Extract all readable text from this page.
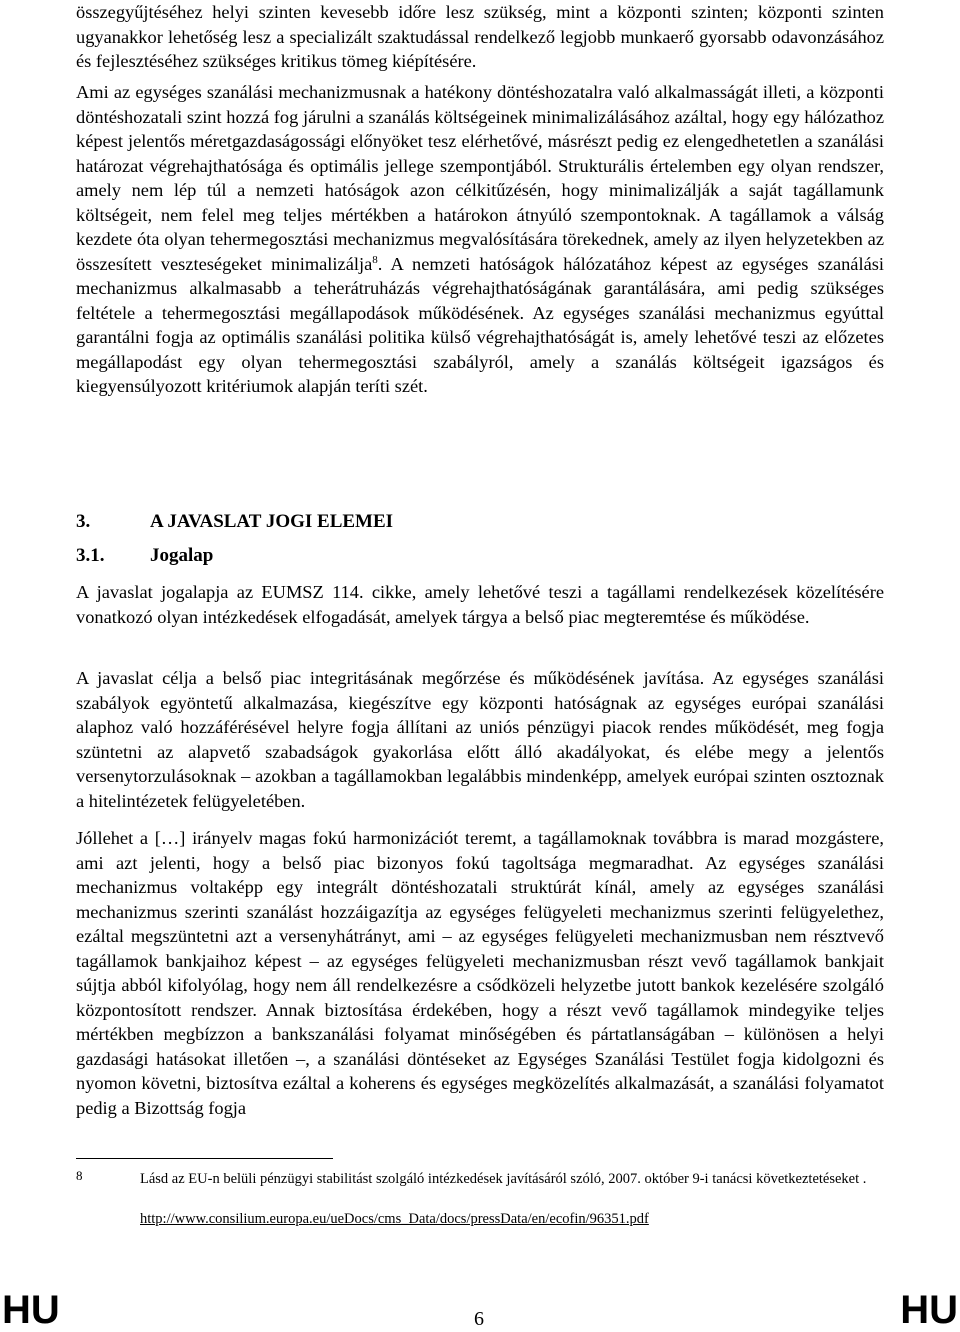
összegyűjtéséhez helyi szinten kevesebb időre lesz szükség, mint a központi szinten; központi szinten ugyanakkor lehetőség lesz a specializált szaktudással rendelkező legjobb munkaerő gyorsabb odavonzásához és fejlesztéséhez szükséges kritikus tömeg kiépítésére.

Ami az egységes szanálási mechanizmusnak a hatékony döntéshozatalra való alkalmasságát illeti, a központi döntéshozatali szint hozzá fog járulni a szanálás költségeinek minimalizálásához azáltal, hogy egy hálózathoz képest jelentős méretgazdaságossági előnyöket tesz elérhetővé, másrészt pedig ez elengedhetetlen a szanálási határozat végrehajthatósága és optimális jellege szempontjából. Strukturális értelemben egy olyan rendszer, amely nem lép túl a nemzeti hatóságok azon célkitűzésén, hogy minimalizálják a saját tagállamunk költségeit, nem felel meg teljes mértékben a határokon átnyúló szempontoknak. A tagállamok a válság kezdete óta olyan tehermegosztási mechanizmus megvalósítására törekednek, amely az ilyen helyzetekben az összesített veszteségeket minimalizálja$^8$. A nemzeti hatóságok hálózatához képest az egységes szanálási mechanizmus alkalmasabb a teherátruházás végrehajthatóságának garantálására, ami pedig szükséges feltétele a tehermegosztási megállapodások működésének. Az egységes szanálási mechanizmus egyúttal garantálni fogja az optimális szanálási politika külső végrehajthatóságát is, amely lehetővé teszi az előzetes megállapodást egy olyan tehermegosztási szabályról, amely a szanálás költségeit igazságos és kiegyensúlyozott kritériumok alapján teríti szét.

3.	A JAVASLAT JOGI ELEMEI
3.1. Jogalap

A javaslat jogalapja az EUMSZ 114. cikke, amely lehetővé teszi a tagállami rendelkezések közelítésére vonatkozó olyan intézkedések elfogadását, amelyek tárgya a belső piac megteremtése és működése.

A javaslat célja a belső piac integritásának megőrzése és működésének javítása. Az egységes szanálási szabályok egyöntetű alkalmazása, kiegészítve egy központi hatóságnak az egységes európai szanálási alaphoz való hozzáférésével helyre fogja állítani az uniós pénzügyi piacok rendes működését, meg fogja szüntetni az alapvető szabadságok gyakorlása előtt álló akadályokat, és elébe megy a jelentős versenytorzulásoknak – azokban a tagállamokban legalábbis mindenképp, amelyek európai szinten osztoznak a hitelintézetek felügyeletében.

Jóllehet a […] irányelv magas fokú harmonizációt teremt, a tagállamoknak továbbra is marad mozgástere, ami azt jelenti, hogy a belső piac bizonyos fokú tagoltsága megmaradhat. Az egységes szanálási mechanizmus voltaképp egy integrált döntéshozatali struktúrát kínál, amely az egységes szanálási mechanizmus szerinti szanálást hozzáigazítja az egységes felügyeleti mechanizmus szerinti felügyelethez, ezáltal megszüntetni azt a versenyhátrányt, ami – az egységes felügyeleti mechanizmusban nem résztvevő tagállamok bankjaihoz képest – az egységes felügyeleti mechanizmusban részt vevő tagállamok bankjait sújtja abból kifolyólag, hogy nem áll rendelkezésre a csődközeli helyzetbe jutott bankok kezelésére szolgáló központosított rendszer. Annak biztosítása érdekében, hogy a részt vevő tagállamok mindegyike teljes mértékben megbízzon a bankszanálási folyamat minőségében és pártatlanságában – különösen a helyi gazdasági hatásokat illetően –, a szanálási döntéseket az Egységes Szanálási Testület fogja kidolgozni és nyomon követni, biztosítva ezáltal a koherens és egységes megközelítés alkalmazását, a szanálási folyamatot pedig a Bizottság fogja

8	Lásd az EU-n belüli pénzügyi stabilitást szolgáló intézkedések javításáról szóló, 2007. október 9-i tanácsi következtetéseket .

http://www.consilium.europa.eu/ueDocs/cms_Data/docs/pressData/en/ecofin/96351.pdf
HU	6	HU
